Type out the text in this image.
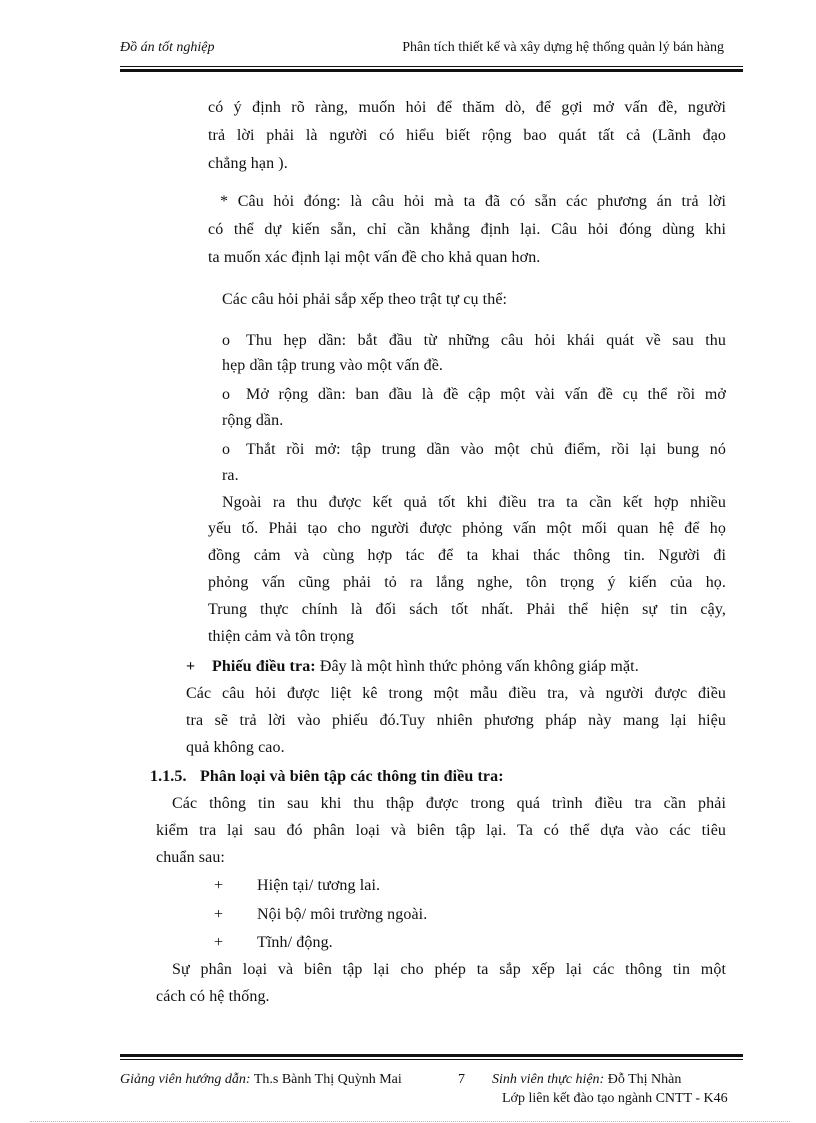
Đồ án tốt nghiệp	Phân tích thiết kế và xây dựng hệ thống quản lý bán hàng
có ý định rõ ràng, muốn hỏi để thăm dò, để gợi mở vấn đề, người
trả lời phải là người có hiểu biết rộng bao quát tất cả (Lãnh đạo
chẳng hạn ).
* Câu hỏi đóng: là câu hỏi mà ta đã có sẵn các phương án trả lời
có thể dự kiến sẵn, chỉ cần khẳng định lại. Câu hỏi đóng dùng khi
ta muốn xác định lại một vấn đề cho khả quan hơn.
Các câu hỏi phải sắp xếp theo trật tự cụ thể:
o Thu hẹp dần: bắt đầu từ những câu hỏi khái quát về sau thu
hẹp dần tập trung vào một vấn đề.
o Mở rộng dần: ban đầu là đề cập một vài vấn đề cụ thể rồi mở
rộng dần.
o Thắt rồi mở: tập trung dần vào một chủ điểm, rồi lại bung nó
ra.
Ngoài ra thu được kết quả tốt khi điều tra ta cần kết hợp nhiều
yếu tố. Phải tạo cho người được phỏng vấn một mối quan hệ để họ
đồng cảm và cùng hợp tác để ta khai thác thông tin. Người đi
phỏng vấn cũng phải tỏ ra lắng nghe, tôn trọng ý kiến của họ.
Trung thực chính là đối sách tốt nhất. Phải thể hiện sự tin cậy,
thiện cảm và tôn trọng
+ Phiếu điều tra: Đây là một hình thức phỏng vấn không giáp mặt.
Các câu hỏi được liệt kê trong một mẫu điều tra, và người được điều
tra sẽ trả lời vào phiếu đó.Tuy nhiên phương pháp này mang lại hiệu
quả không cao.
1.1.5. Phân loại và biên tập các thông tin điều tra:
Các thông tin sau khi thu thập được trong quá trình điều tra cần phải
kiểm tra lại sau đó phân loại và biên tập lại. Ta có thể dựa vào các tiêu
chuẩn sau:
+ Hiện tại/ tương lai.
+ Nội bộ/ môi trường ngoài.
+ Tĩnh/ động.
Sự phân loại và biên tập lại cho phép ta sắp xếp lại các thông tin một
cách có hệ thống.
Giảng viên hướng dẫn: Th.s Bành Thị Quỳnh Mai	7 Sinh viên thực hiện: Đỗ Thị Nhàn
Lớp liên kết đào tạo ngành CNTT - K46
